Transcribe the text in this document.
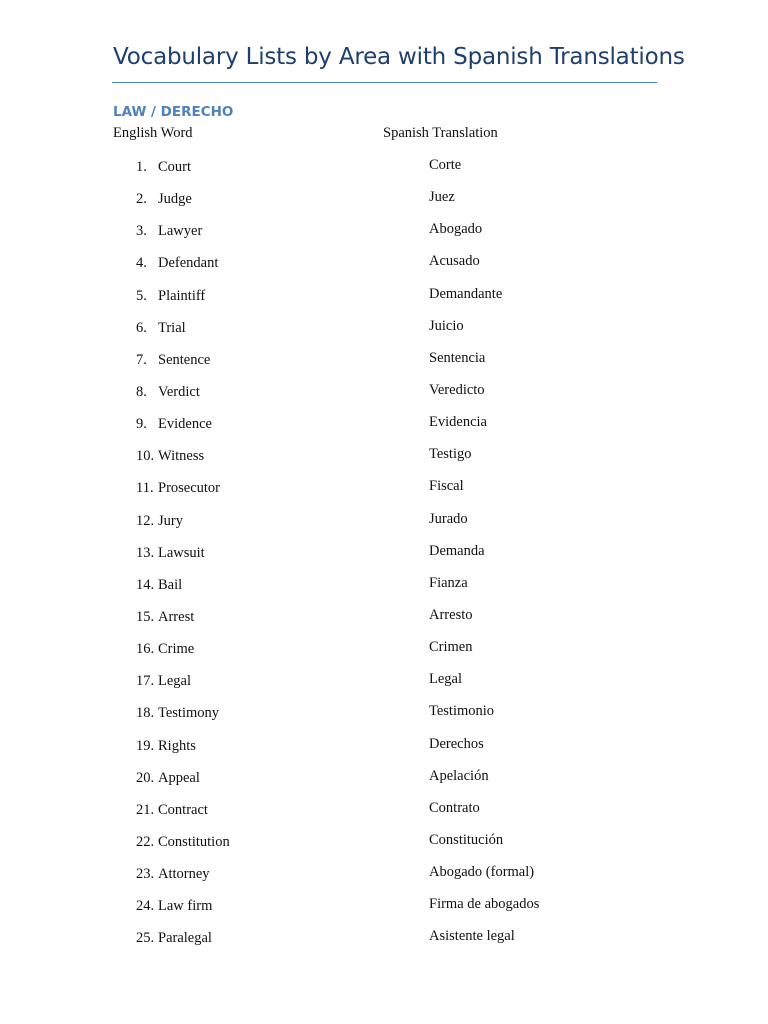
Vocabulary Lists by Area with Spanish Translations
LAW / DERECHO
English Word	Spanish Translation
1. Court	Corte
2. Judge	Juez
3. Lawyer	Abogado
4. Defendant	Acusado
5. Plaintiff	Demandante
6. Trial	Juicio
7. Sentence	Sentencia
8. Verdict	Veredicto
9. Evidence	Evidencia
10. Witness	Testigo
11. Prosecutor	Fiscal
12. Jury	Jurado
13. Lawsuit	Demanda
14. Bail	Fianza
15. Arrest	Arresto
16. Crime	Crimen
17. Legal	Legal
18. Testimony	Testimonio
19. Rights	Derechos
20. Appeal	Apelación
21. Contract	Contrato
22. Constitution	Constitución
23. Attorney	Abogado (formal)
24. Law firm	Firma de abogados
25. Paralegal	Asistente legal
